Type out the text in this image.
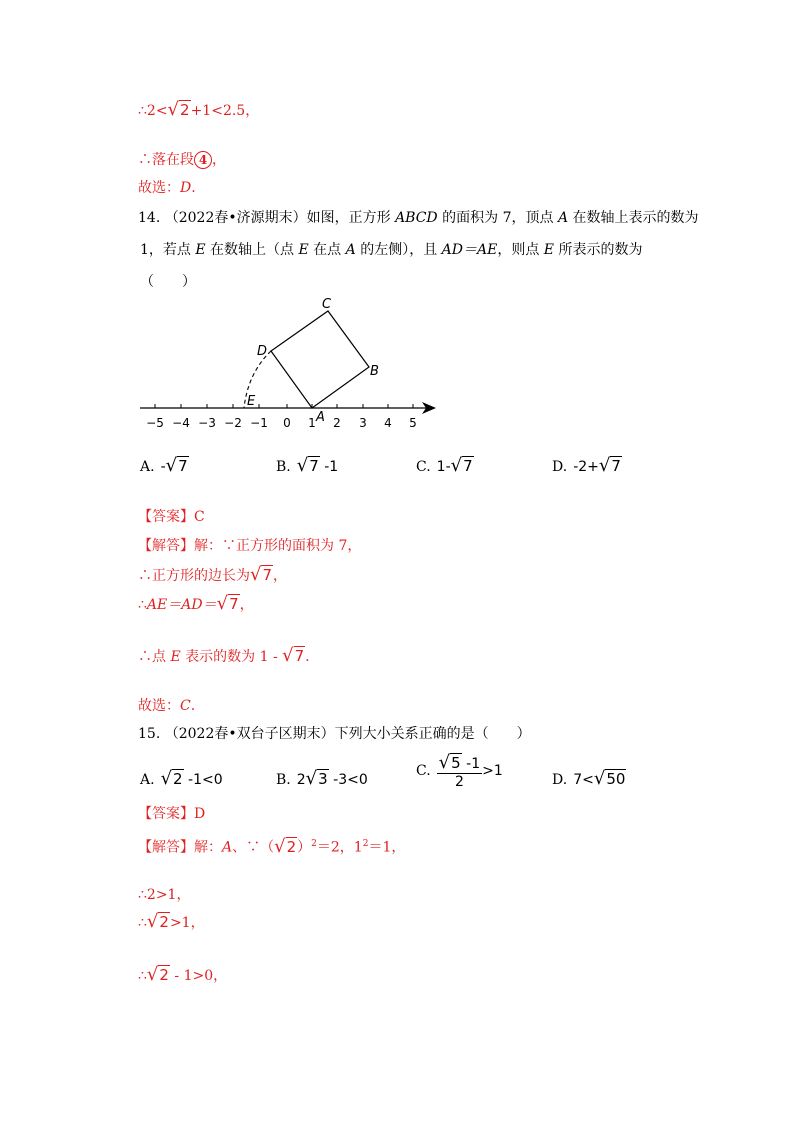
∴2<√2+1<2.5，
∴落在段 4 ，
故选：D.
14. （2022春•济源期末）如图，正方形 ABCD 的面积为 7，顶点 A 在数轴上表示的数为
1，若点 E 在数轴上（点 E 在点 A 的左侧），且 AD＝AE，则点 E 所表示的数为
（　　）
−5 −4 −3 −2 −1 0 1 2 3 4 5
C
D
B
E
A
A. -√7	B. √7 -1	C. 1-√7	D. -2+√7
【答案】C
【解答】解：∵正方形的面积为 7，
∴正方形的边长为√7，
∴AE＝AD＝√7，
∴点 E 表示的数为 1 - √7.
故选：C.
15. （2022春•双台子区期末）下列大小关系正确的是（　　）
A. √2 -1<0	B. 2√3 -3<0
C. $\frac{√5 -1}{2} >1$
D. 7<√50
【答案】D
【解答】解：A、$\because(√2)^2=2$，$1^2=1$，
∴2>1，
∴√2>1，
∴√2 - 1>0，
